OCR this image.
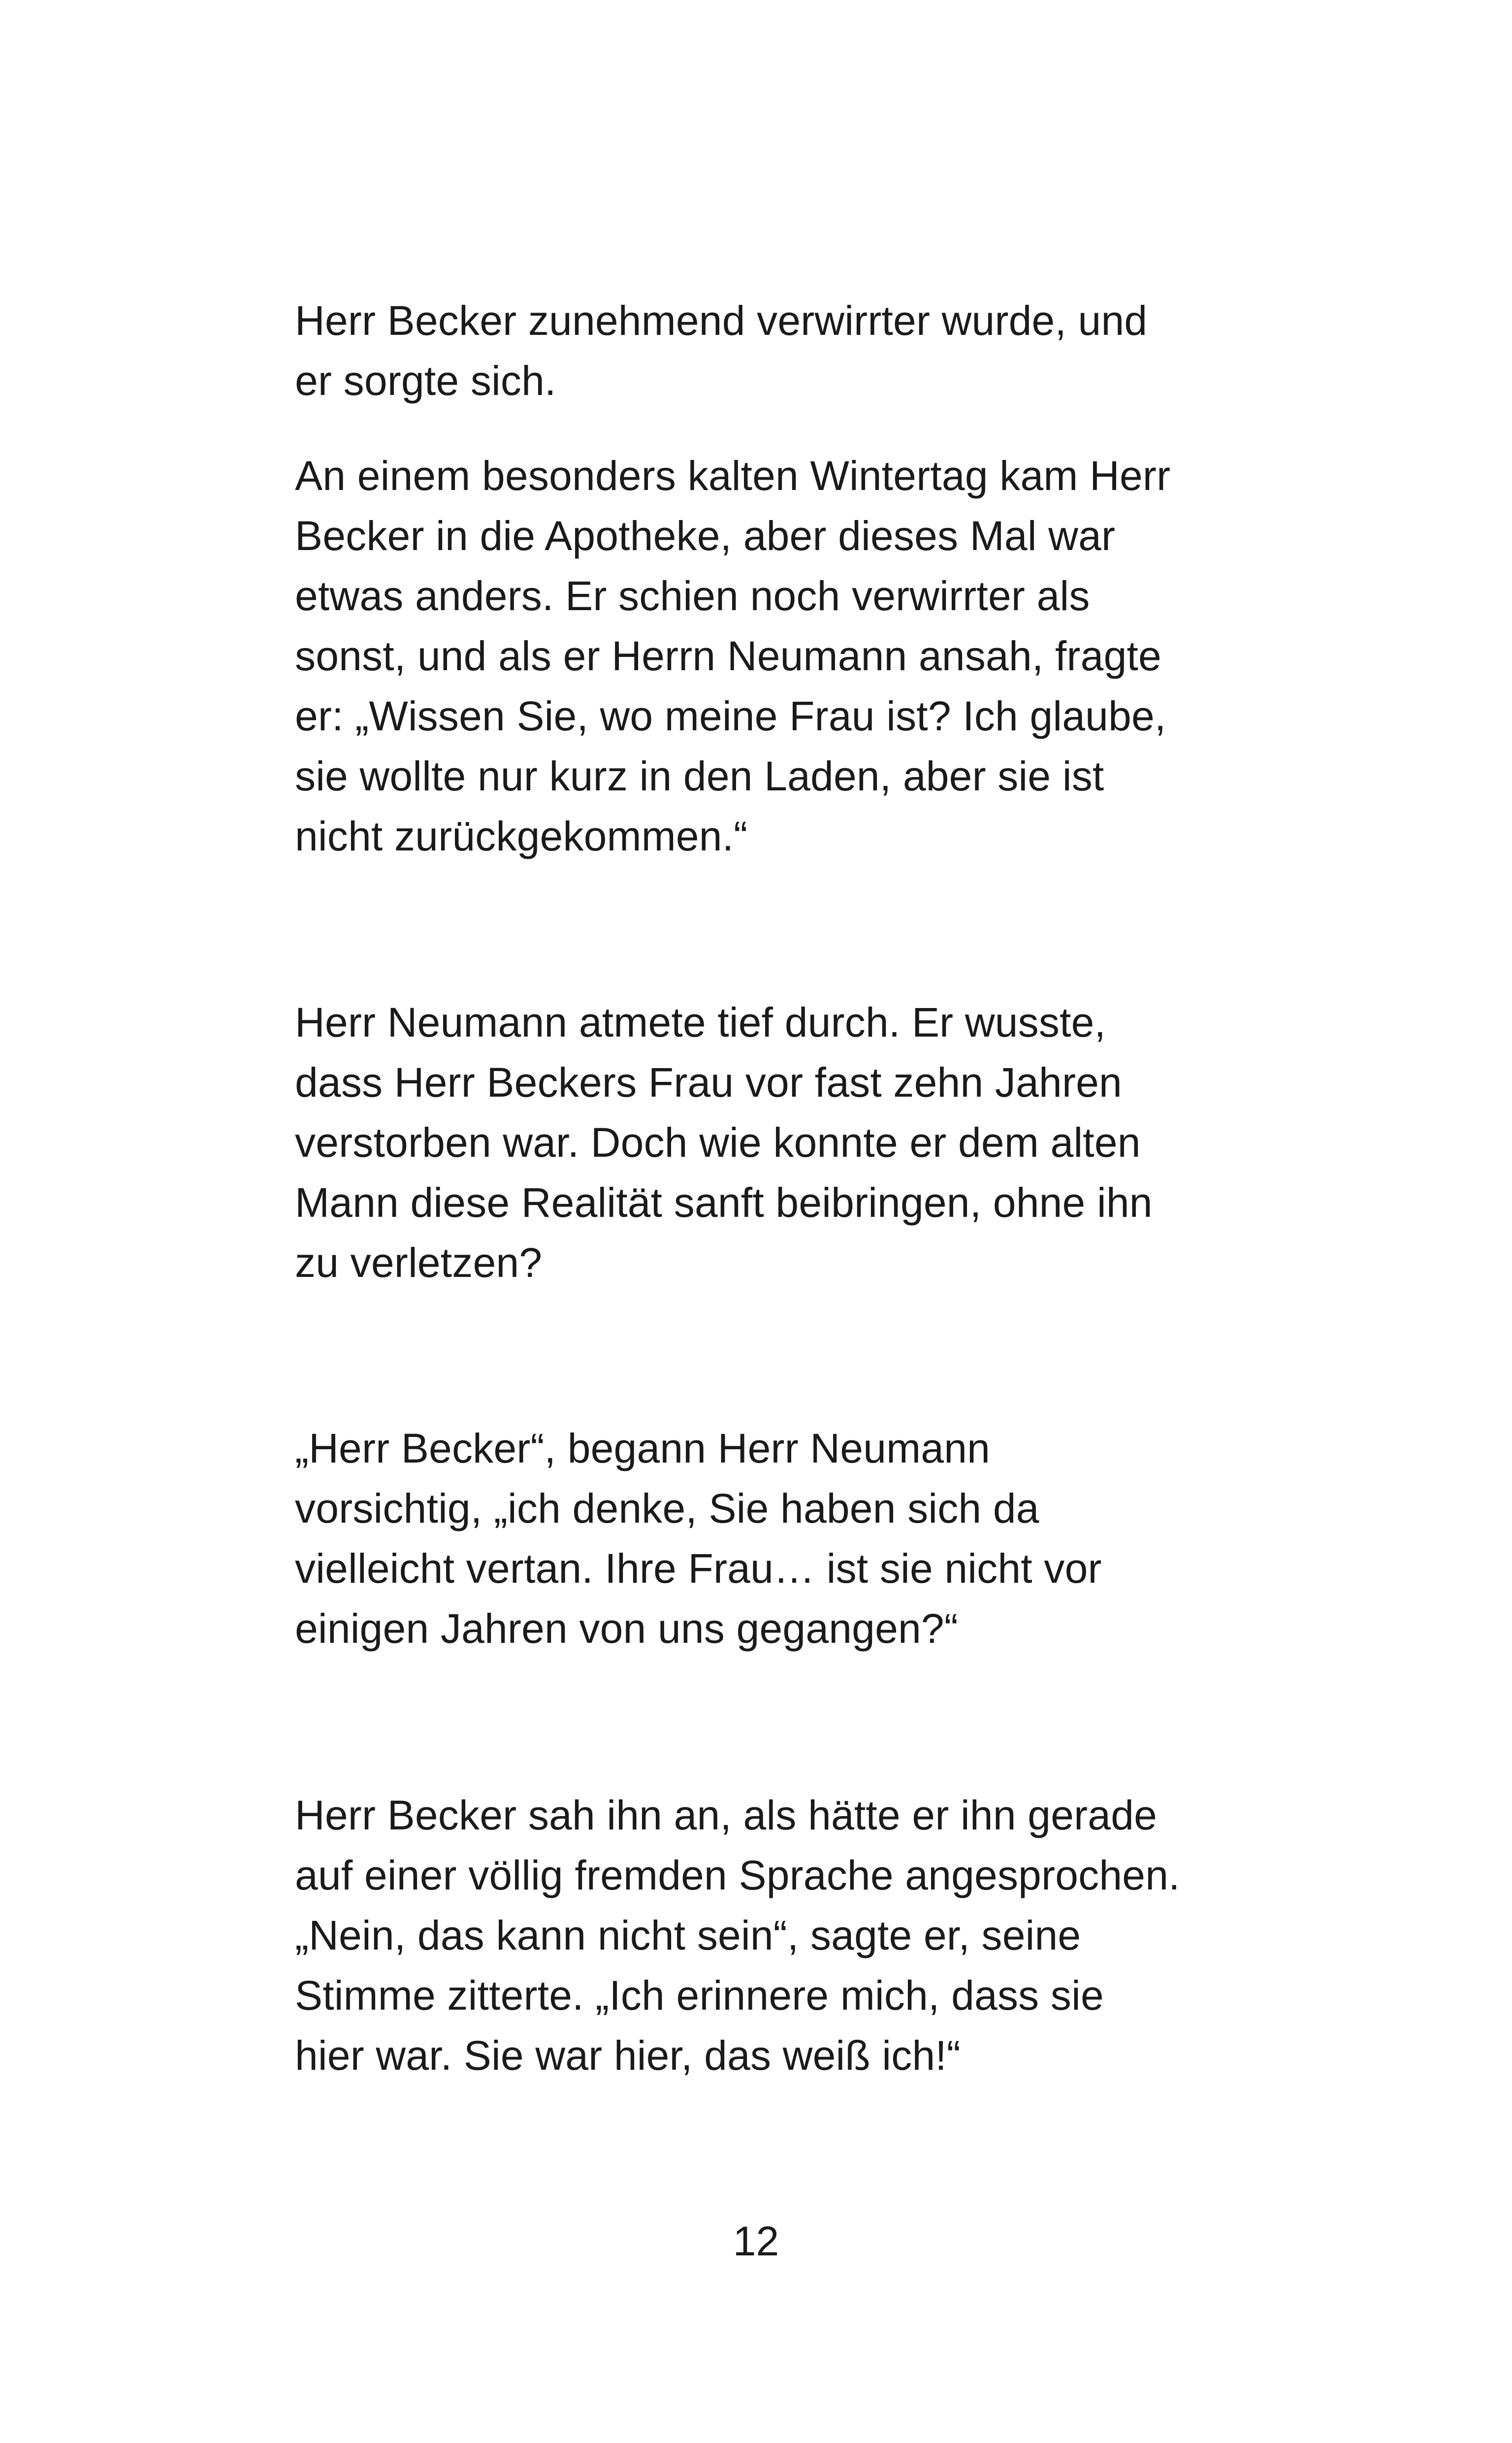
Herr Becker zunehmend verwirrter wurde, und
er sorgte sich.
An einem besonders kalten Wintertag kam Herr
Becker in die Apotheke, aber dieses Mal war
etwas anders. Er schien noch verwirrter als
sonst, und als er Herrn Neumann ansah, fragte
er: „Wissen Sie, wo meine Frau ist? Ich glaube,
sie wollte nur kurz in den Laden, aber sie ist
nicht zurückgekommen.“
Herr Neumann atmete tief durch. Er wusste,
dass Herr Beckers Frau vor fast zehn Jahren
verstorben war. Doch wie konnte er dem alten
Mann diese Realität sanft beibringen, ohne ihn
zu verletzen?
„Herr Becker“, begann Herr Neumann
vorsichtig, „ich denke, Sie haben sich da
vielleicht vertan. Ihre Frau… ist sie nicht vor
einigen Jahren von uns gegangen?“
Herr Becker sah ihn an, als hätte er ihn gerade
auf einer völlig fremden Sprache angesprochen.
„Nein, das kann nicht sein“, sagte er, seine
Stimme zitterte. „Ich erinnere mich, dass sie
hier war. Sie war hier, das weiß ich!“
12
